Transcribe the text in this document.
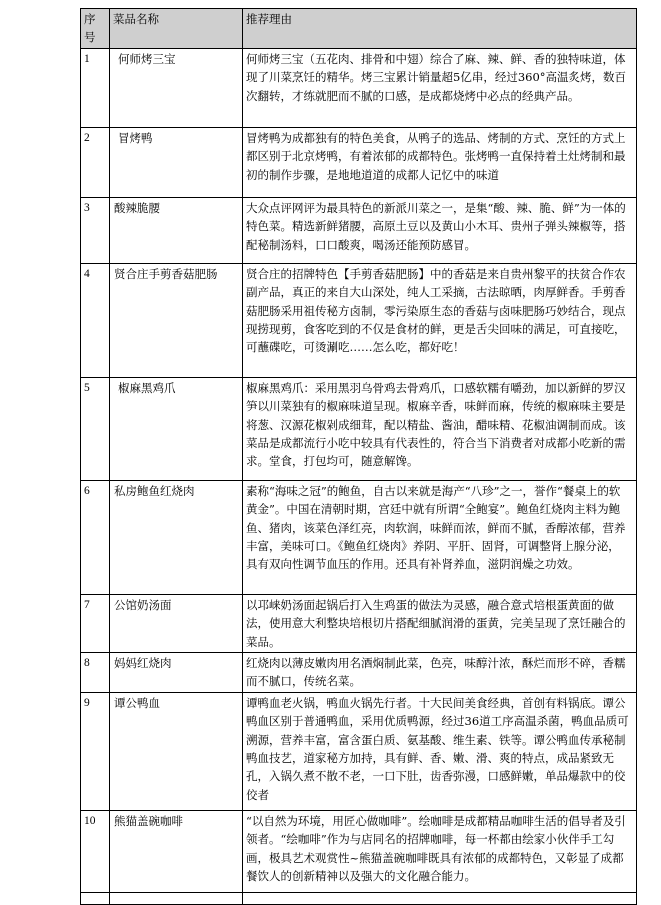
序号	菜品名称	推荐理由
1	何师烤三宝	何师烤三宝（五花肉、排骨和中翅）综合了麻、辣、鲜、香的独特味道，体现了川菜烹饪的精华。烤三宝累计销量超5亿串，经过360°高温炙烤，数百次翻转，才练就肥而不腻的口感，是成都烧烤中必点的经典产品。
2	冒烤鸭	冒烤鸭为成都独有的特色美食，从鸭子的选品、烤制的方式、烹饪的方式上都区别于北京烤鸭，有着浓郁的成都特色。张烤鸭一直保持着土灶烤制和最初的制作步骤，是地地道道的成都人记忆中的味道
3	酸辣脆腰	大众点评网评为最具特色的新派川菜之一，是集“酸、辣、脆、鲜”为一体的特色菜。精选新鲜猪腰，高原土豆以及黄山小木耳、贵州子弹头辣椒等，搭配秘制汤料，口口酸爽，喝汤还能预防感冒。
4	贤合庄手剪香菇肥肠	贤合庄的招牌特色【手剪香菇肥肠】中的香菇是来自贵州黎平的扶贫合作农副产品，真正的来自大山深处，纯人工采摘，古法晾晒，肉厚鲜香。手剪香菇肥肠采用祖传秘方卤制，零污染原生态的香菇与卤味肥肠巧妙结合，现点现捞现剪，食客吃到的不仅是食材的鲜，更是舌尖回味的满足，可直接吃，可蘸碟吃，可烫涮吃……怎么吃，都好吃！
5	椒麻黑鸡爪	椒麻黑鸡爪：采用黑羽乌骨鸡去骨鸡爪，口感软糯有嚼劲，加以新鲜的罗汉笋以川菜独有的椒麻味道呈现。椒麻辛香，味鲜而麻，传统的椒麻味主要是将葱、汉源花椒剁成细茸，配以精盐、酱油，醋味精、花椒油调制而成。该菜品是成都流行小吃中较具有代表性的，符合当下消费者对成都小吃新的需求。堂食，打包均可，随意解馋。
6	私房鲍鱼红烧肉	素称“海味之冠”的鲍鱼，自古以来就是海产“八珍”之一，誉作“餐桌上的软黄金”。中国在清朝时期，宫廷中就有所谓“全鲍宴”。鲍鱼红烧肉主料为鲍鱼、猪肉，该菜色泽红亮，肉软润，味鲜而浓，鲜而不腻，香醇浓郁，营养丰富，美味可口。《鲍鱼红烧肉》养阴、平肝、固肾，可调整肾上腺分泌，具有双向性调节血压的作用。还具有补肾养血，滋阴润燥之功效。
7	公馆奶汤面	以邛崃奶汤面起锅后打入生鸡蛋的做法为灵感，融合意式培根蛋黄面的做法，使用意大利整块培根切片搭配细腻润滑的蛋黄，完美呈现了烹饪融合的菜品。
8	妈妈红烧肉	红烧肉以薄皮嫩肉用名酒焖制此菜，色亮，味醇汁浓，酥烂而形不碎，香糯而不腻口，传统名菜。
9	谭公鸭血	谭鸭血老火锅，鸭血火锅先行者。十大民间美食经典，首创有料锅底。谭公鸭血区别于普通鸭血，采用优质鸭源，经过36道工序高温杀菌，鸭血品质可溯源，营养丰富，富含蛋白质、氨基酸、维生素、铁等。谭公鸭血传承秘制鸭血技艺，道家秘方加持，具有鲜、香、嫩、滑、爽的特点，成品紧致无孔，入锅久煮不散不老，一口下肚，齿香弥漫，口感鲜嫩，单品爆款中的佼佼者
10	熊猫盖碗咖啡	“以自然为环境，用匠心做咖啡”。绘咖啡是成都精品咖啡生活的倡导者及引领者。“绘咖啡”作为与店同名的招牌咖啡，每一杯都由绘家小伙伴手工勾画，极具艺术观赏性~熊猫盖碗咖啡既具有浓郁的成都特色，又彰显了成都餐饮人的创新精神以及强大的文化融合能力。
